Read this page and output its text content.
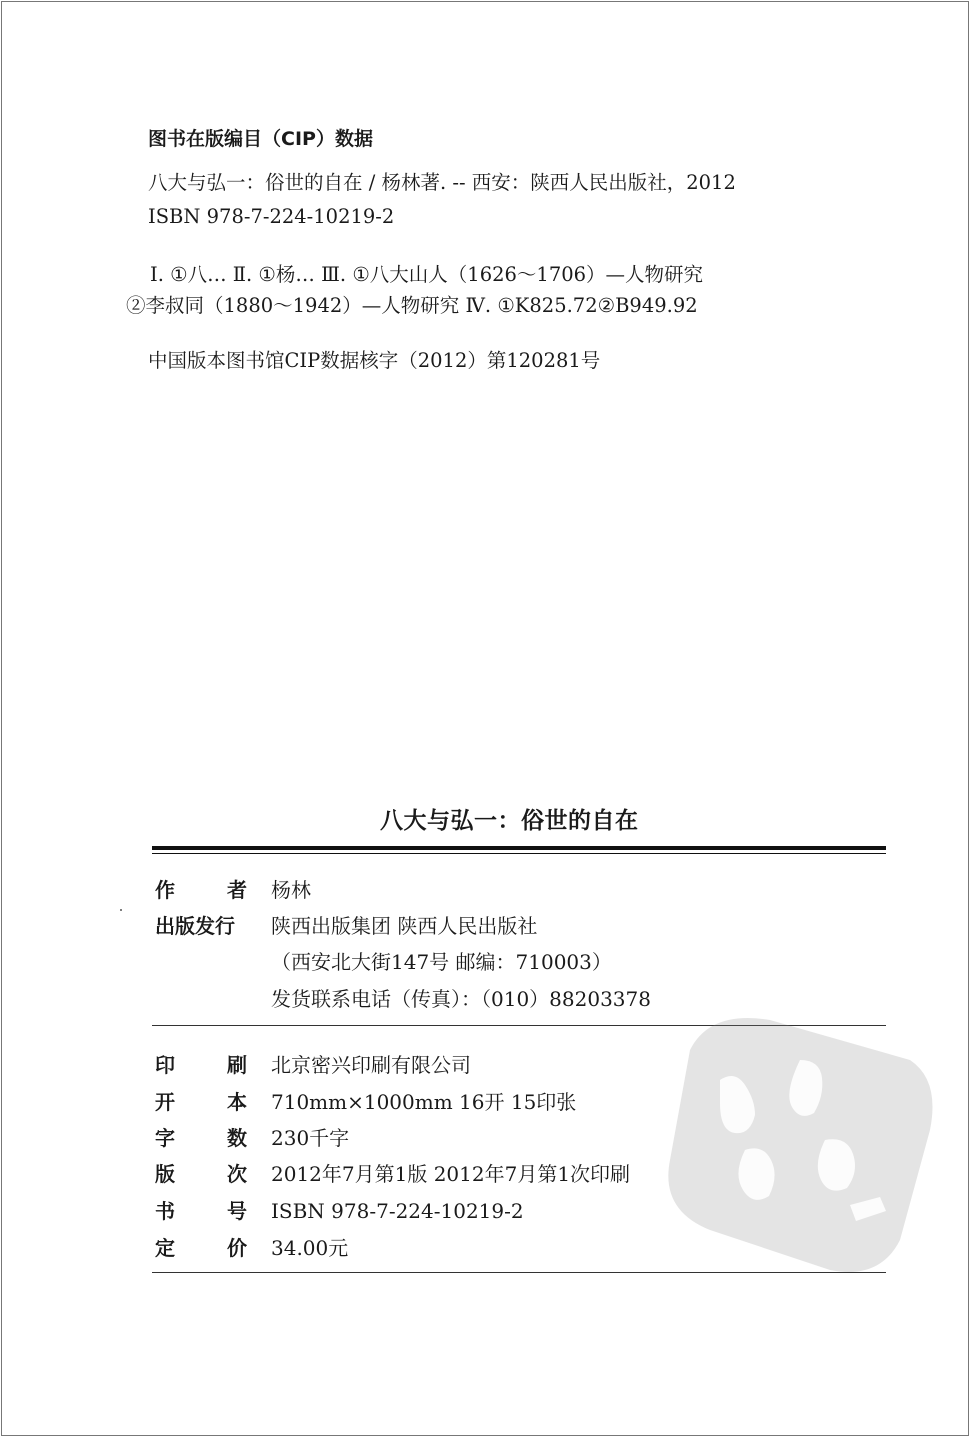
图书在版编目（CIP）数据
八大与弘一：俗世的自在 / 杨林著. -- 西安：陕西人民出版社，2012
ISBN 978-7-224-10219-2
Ⅰ. ①八… Ⅱ. ①杨… Ⅲ. ①八大山人（1626～1706）—人物研究
②李叔同（1880～1942）—人物研究 Ⅳ. ①K825.72②B949.92
中国版本图书馆CIP数据核字（2012）第120281号
八大与弘一：俗世的自在
作	者 杨林
出版发行	陕西出版集团 陕西人民出版社
（西安北大街147号 邮编：710003）
发货联系电话（传真）：（010）88203378
印	刷 北京密兴印刷有限公司
开	本 710mm×1000mm 16开 15印张
字	数 230千字
版	次 2012年7月第1版 2012年7月第1次印刷
书	号 ISBN 978-7-224-10219-2
定	价 34.00元
